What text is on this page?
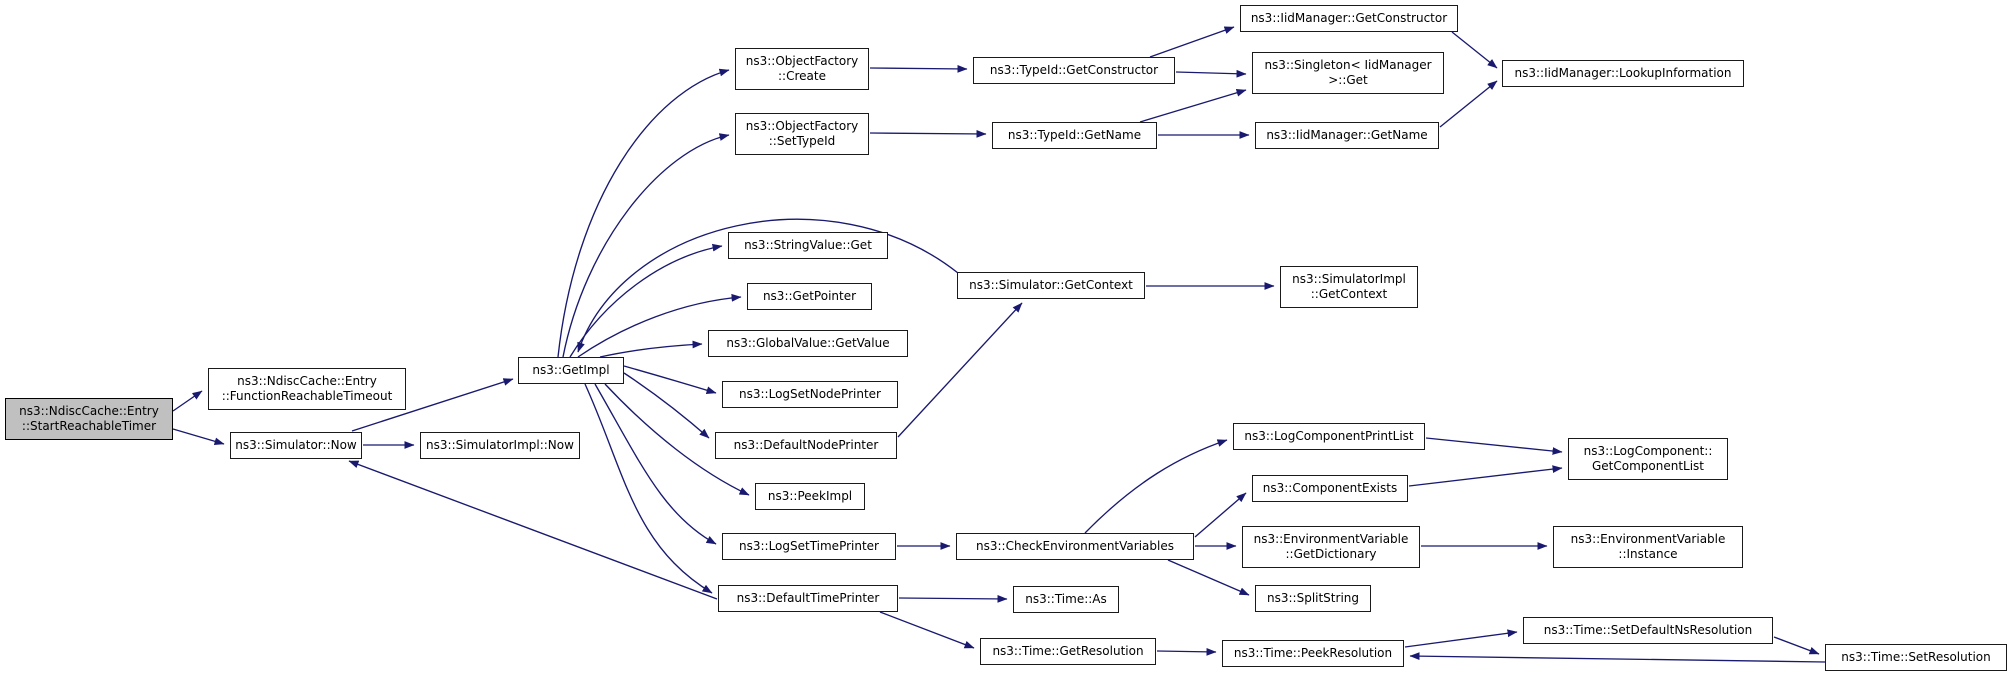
ns3::NdiscCache::Entry
::StartReachableTimer
ns3::NdiscCache::Entry
::FunctionReachableTimeout
ns3::Simulator::Now	ns3::SimulatorImpl::Now
ns3::GetImpl
ns3::ObjectFactory
::Create
ns3::ObjectFactory
::SetTypeId
ns3::StringValue::Get
ns3::GetPointer
ns3::GlobalValue::GetValue
ns3::LogSetNodePrinter
ns3::DefaultNodePrinter
ns3::PeekImpl
ns3::LogSetTimePrinter
ns3::DefaultTimePrinter
ns3::TypeId::GetConstructor
ns3::TypeId::GetName
ns3::Simulator::GetContext
ns3::CheckEnvironmentVariables
ns3::Time::As
ns3::Time::GetResolution
ns3::IidManager::GetConstructor
ns3::Singleton< IidManager
>::Get
ns3::IidManager::GetName
ns3::SimulatorImpl
::GetContext
ns3::LogComponentPrintList
ns3::ComponentExists
ns3::EnvironmentVariable
::GetDictionary
ns3::SplitString
ns3::Time::PeekResolution
ns3::IidManager::LookupInformation
ns3::LogComponent::
GetComponentList
ns3::EnvironmentVariable
::Instance
ns3::Time::SetDefaultNsResolution
ns3::Time::SetResolution
